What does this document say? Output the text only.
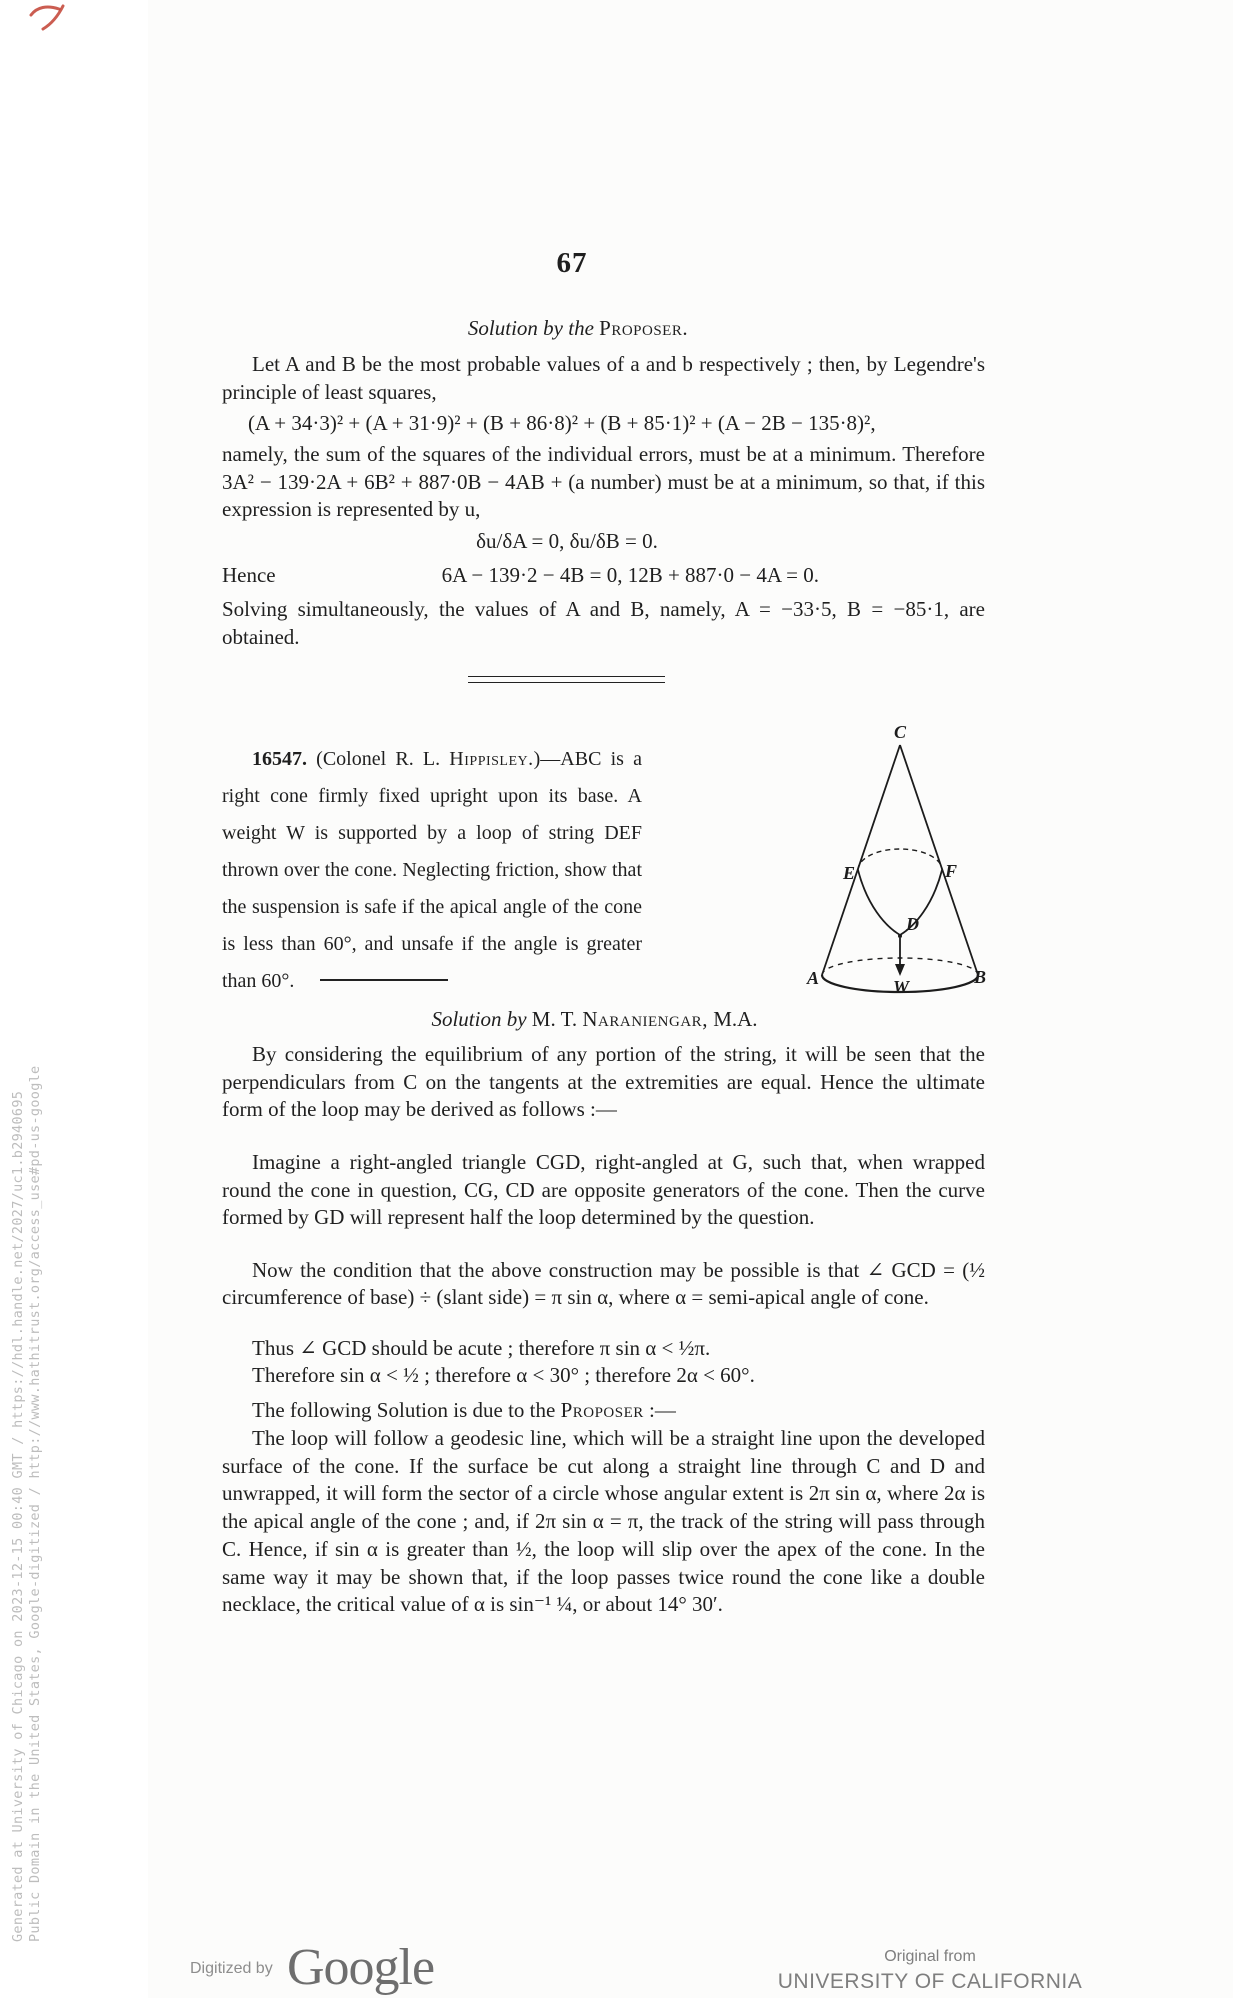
67
Solution by the Proposer.
Let A and B be the most probable values of a and b respectively ; then, by Legendre's principle of least squares,
(A + 34·3)² + (A + 31·9)² + (B + 86·8)² + (B + 85·1)² + (A − 2B − 135·8)²,
namely, the sum of the squares of the individual errors, must be at a minimum. Therefore 3A² − 139·2A + 6B² + 887·0B − 4AB + (a number) must be at a minimum, so that, if this expression is represented by u,
δu/δA = 0, δu/δB = 0.
Hence	6A − 139·2 − 4B = 0, 12B + 887·0 − 4A = 0.
Solving simultaneously, the values of A and B, namely, A = −33·5, B = −85·1, are obtained.
16547. (Colonel R. L. Hippisley.)—ABC is a right cone firmly fixed upright upon its base. A weight W is supported by a loop of string DEF thrown over the cone. Neglecting friction, show that the suspension is safe if the apical angle of the cone is less than 60°, and unsafe if the angle is greater than 60°.
C
E	F
D
A	B
W
Solution by M. T. Naraniengar, M.A.
By considering the equilibrium of any portion of the string, it will be seen that the perpendiculars from C on the tangents at the extremities are equal. Hence the ultimate form of the loop may be derived as follows :—
Imagine a right-angled triangle CGD, right-angled at G, such that, when wrapped round the cone in question, CG, CD are opposite generators of the cone. Then the curve formed by GD will represent half the loop determined by the question.
Now the condition that the above construction may be possible is that ∠ GCD = (½ circumference of base) ÷ (slant side) = π sin α, where α = semi-apical angle of cone.
Thus ∠ GCD should be acute ; therefore π sin α < ½π.
Therefore sin α < ½ ; therefore α < 30° ; therefore 2α < 60°.
The following Solution is due to the Proposer :—
The loop will follow a geodesic line, which will be a straight line upon the developed surface of the cone. If the surface be cut along a straight line through C and D and unwrapped, it will form the sector of a circle whose angular extent is 2π sin α, where 2α is the apical angle of the cone ; and, if 2π sin α = π, the track of the string will pass through C. Hence, if sin α is greater than ½, the loop will slip over the apex of the cone. In the same way it may be shown that, if the loop passes twice round the cone like a double necklace, the critical value of α is sin⁻¹ ¼, or about 14° 30′.
Generated at University of Chicago on 2023-12-15 00:40 GMT / https://hdl.handle.net/2027/uc1.b2940695 Public Domain in the United States, Google-digitized / http://www.hathitrust.org/access_use#pd-us-google
Digitized by Google	Original from
UNIVERSITY OF CALIFORNIA
